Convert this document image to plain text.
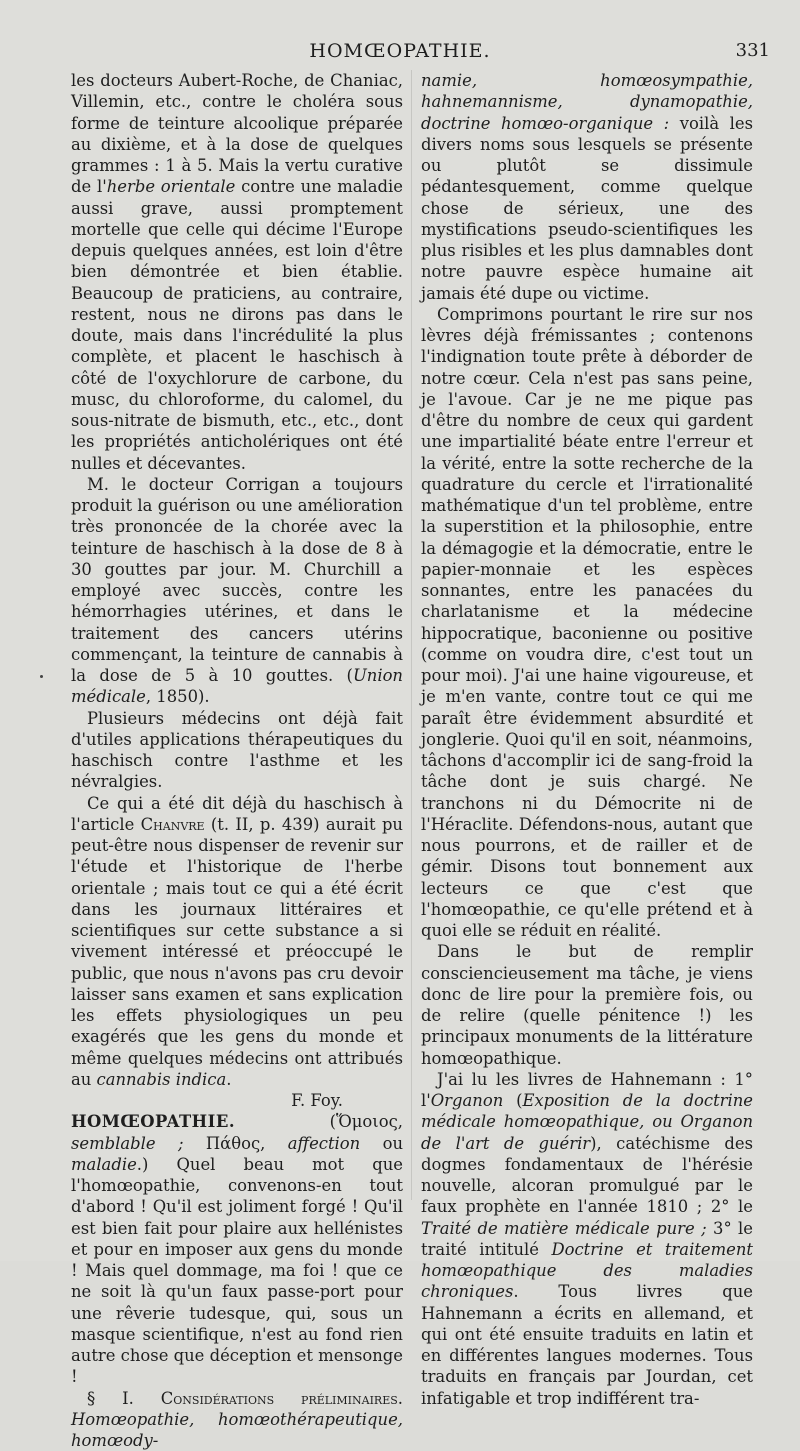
HOMŒOPATHIE.	331

les docteurs Aubert-Roche, de Chaniac, Villemin, etc., contre le choléra sous forme de teinture alcoolique préparée au dixième, et à la dose de quelques grammes : 1 à 5. Mais la vertu curative de l'herbe orientale contre une maladie aussi grave, aussi promptement mortelle que celle qui décime l'Europe depuis quelques années, est loin d'être bien démontrée et bien établie. Beaucoup de praticiens, au contraire, restent, nous ne dirons pas dans le doute, mais dans l'incrédulité la plus complète, et placent le haschisch à côté de l'oxychlorure de carbone, du musc, du chloroforme, du calomel, du sous-nitrate de bismuth, etc., etc., dont les propriétés anticholériques ont été nulles et décevantes.

M. le docteur Corrigan a toujours produit la guérison ou une amélioration très prononcée de la chorée avec la teinture de haschisch à la dose de 8 à 30 gouttes par jour. M. Churchill a employé avec succès, contre les hémorrhagies utérines, et dans le traitement des cancers utérins commençant, la teinture de cannabis à la dose de 5 à 10 gouttes. (Union médicale, 1850).

Plusieurs médecins ont déjà fait d'utiles applications thérapeutiques du haschisch contre l'asthme et les névralgies.

Ce qui a été dit déjà du haschisch à l'article Chanvre (t. II, p. 439) aurait pu peut-être nous dispenser de revenir sur l'étude et l'historique de l'herbe orientale ; mais tout ce qui a été écrit dans les journaux littéraires et scientifiques sur cette substance a si vivement intéressé et préoccupé le public, que nous n'avons pas cru devoir laisser sans examen et sans explication les effets physiologiques un peu exagérés que les gens du monde et même quelques médecins ont attribués au cannabis indica.

F. Foy.

HOMŒOPATHIE. (Ὅμοιος, semblable ; Πάθος, affection ou maladie.) Quel beau mot que l'homœopathie, convenons-en tout d'abord ! Qu'il est joliment forgé ! Qu'il est bien fait pour plaire aux hellénistes et pour en imposer aux gens du monde ! Mais quel dommage, ma foi ! que ce ne soit là qu'un faux passe-port pour une rêverie tudesque, qui, sous un masque scientifique, n'est au fond rien autre chose que déception et mensonge !

§ I. Considérations préliminaires. Homœopathie, homœothérapeutique, homœody-

namie, homœosympathie, hahnemannisme, dynamopathie, doctrine homœo-organique : voilà les divers noms sous lesquels se présente ou plutôt se dissimule pédantesquement, comme quelque chose de sérieux, une des mystifications pseudo-scientifiques les plus risibles et les plus damnables dont notre pauvre espèce humaine ait jamais été dupe ou victime.

Comprimons pourtant le rire sur nos lèvres déjà frémissantes ; contenons l'indignation toute prête à déborder de notre cœur. Cela n'est pas sans peine, je l'avoue. Car je ne me pique pas d'être du nombre de ceux qui gardent une impartialité béate entre l'erreur et la vérité, entre la sotte recherche de la quadrature du cercle et l'irrationalité mathématique d'un tel problème, entre la superstition et la philosophie, entre la démagogie et la démocratie, entre le papier-monnaie et les espèces sonnantes, entre les panacées du charlatanisme et la médecine hippocratique, baconienne ou positive (comme on voudra dire, c'est tout un pour moi). J'ai une haine vigoureuse, et je m'en vante, contre tout ce qui me paraît être évidemment absurdité et jonglerie. Quoi qu'il en soit, néanmoins, tâchons d'accomplir ici de sang-froid la tâche dont je suis chargé. Ne tranchons ni du Démocrite ni de l'Héraclite. Défendons-nous, autant que nous pourrons, et de railler et de gémir. Disons tout bonnement aux lecteurs ce que c'est que l'homœopathie, ce qu'elle prétend et à quoi elle se réduit en réalité.

Dans le but de remplir consciencieusement ma tâche, je viens donc de lire pour la première fois, ou de relire (quelle pénitence !) les principaux monuments de la littérature homœopathique.

J'ai lu les livres de Hahnemann : 1° l'Organon (Exposition de la doctrine médicale homœopathique, ou Organon de l'art de guérir), catéchisme des dogmes fondamentaux de l'hérésie nouvelle, alcoran promulgué par le faux prophète en l'année 1810 ; 2° le Traité de matière médicale pure ; 3° le traité intitulé Doctrine et traitement homœopathique des maladies chroniques. Tous livres que Hahnemann a écrits en allemand, et qui ont été ensuite traduits en latin et en différentes langues modernes. Tous traduits en français par Jourdan, cet infatigable et trop indifférent tra-
